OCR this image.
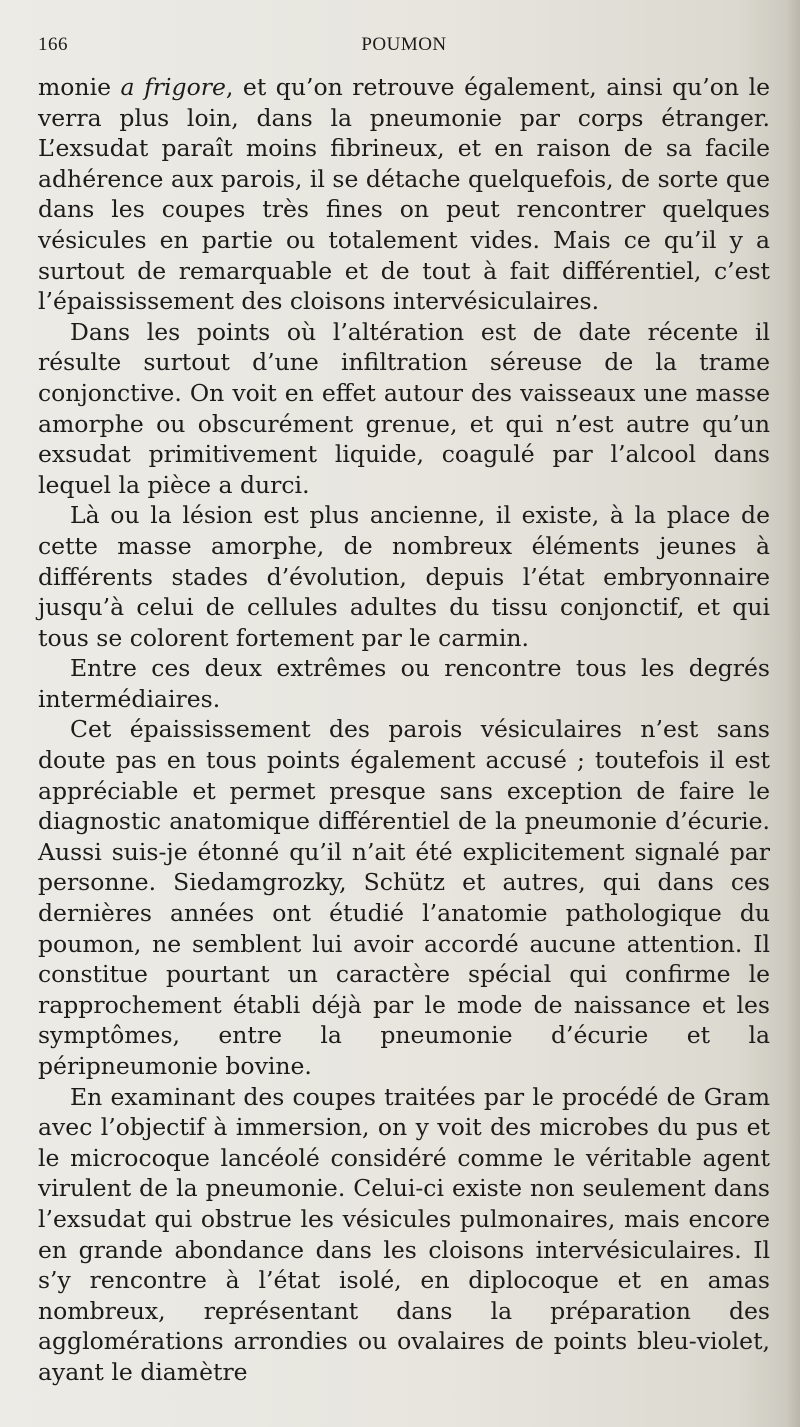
166	POUMON

monie a frigore, et qu’on retrouve également, ainsi qu’on le verra plus loin, dans la pneumonie par corps étranger. L’exsudat paraît moins fibrineux, et en raison de sa facile adhérence aux parois, il se détache quelquefois, de sorte que dans les coupes très fines on peut rencontrer quelques vésicules en partie ou totalement vides. Mais ce qu’il y a surtout de remarquable et de tout à fait différentiel, c’est l’épaississement des cloisons intervésiculaires.

Dans les points où l’altération est de date récente il résulte surtout d’une infiltration séreuse de la trame conjonctive. On voit en effet autour des vaisseaux une masse amorphe ou obscurément grenue, et qui n’est autre qu’un exsudat primitivement liquide, coagulé par l’alcool dans lequel la pièce a durci.

Là ou la lésion est plus ancienne, il existe, à la place de cette masse amorphe, de nombreux éléments jeunes à différents stades d’évolution, depuis l’état embryonnaire jusqu’à celui de cellules adultes du tissu conjonctif, et qui tous se colorent fortement par le carmin.

Entre ces deux extrêmes ou rencontre tous les degrés intermédiaires.

Cet épaississement des parois vésiculaires n’est sans doute pas en tous points également accusé ; toutefois il est appréciable et permet presque sans exception de faire le diagnostic anatomique différentiel de la pneumonie d’écurie. Aussi suis-je étonné qu’il n’ait été explicitement signalé par personne. Siedamgrozky, Schütz et autres, qui dans ces dernières années ont étudié l’anatomie pathologique du poumon, ne semblent lui avoir accordé aucune attention. Il constitue pourtant un caractère spécial qui confirme le rapprochement établi déjà par le mode de naissance et les symptômes, entre la pneumonie d’écurie et la péripneumonie bovine.

En examinant des coupes traitées par le procédé de Gram avec l’objectif à immersion, on y voit des microbes du pus et le microcoque lancéolé considéré comme le véritable agent virulent de la pneumonie. Celui-ci existe non seulement dans l’exsudat qui obstrue les vésicules pulmonaires, mais encore en grande abondance dans les cloisons intervésiculaires. Il s’y rencontre à l’état isolé, en diplocoque et en amas nombreux, représentant dans la préparation des agglomérations arrondies ou ovalaires de points bleu-violet, ayant le diamètre
